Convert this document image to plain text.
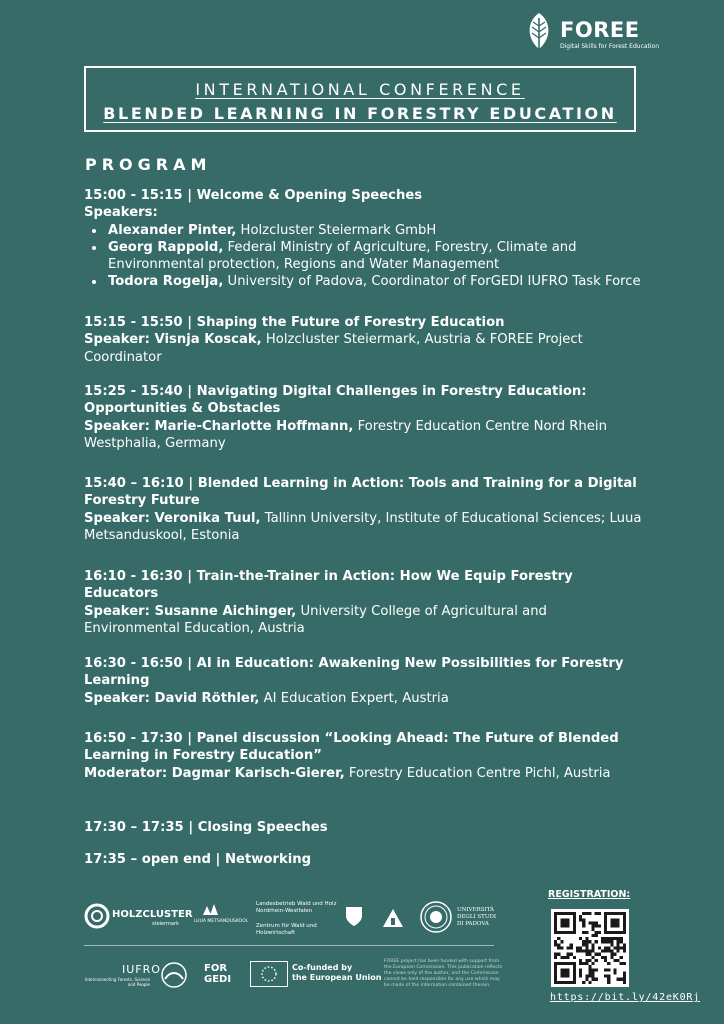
FOREE
Digital Skills for Forest Education
INTERNATIONAL CONFERENCE
BLENDED LEARNING IN FORESTRY EDUCATION
PROGRAM

15:00 - 15:15 | Welcome & Opening Speeches

Speakers:

• Alexander Pinter, Holzcluster Steiermark GmbH
• Georg Rappold, Federal Ministry of Agriculture, Forestry, Climate and Environmental protection, Regions and Water Management
• Todora Rogelja, University of Padova, Coordinator of ForGEDI IUFRO Task Force

15:15 - 15:50 | Shaping the Future of Forestry Education

Speaker: Visnja Koscak, Holzcluster Steiermark, Austria & FOREE Project Coordinator

15:25 - 15:40 | Navigating Digital Challenges in Forestry Education: Opportunities & Obstacles

Speaker: Marie-Charlotte Hoffmann, Forestry Education Centre Nord Rhein Westphalia, Germany

15:40 – 16:10 | Blended Learning in Action: Tools and Training for a Digital Forestry Future

Speaker: Veronika Tuul, Tallinn University, Institute of Educational Sciences; Luua Metsanduskool, Estonia

16:10 - 16:30 | Train-the-Trainer in Action: How We Equip Forestry Educators

Speaker: Susanne Aichinger, University College of Agricultural and Environmental Education, Austria

16:30 - 16:50 | AI in Education: Awakening New Possibilities for Forestry Learning

Speaker: David Röthler, AI Education Expert, Austria

16:50 - 17:30 | Panel discussion “Looking Ahead: The Future of Blended Learning in Forestry Education”

Moderator: Dagmar Karisch-Gierer, Forestry Education Centre Pichl, Austria

17:30 – 17:35 | Closing Speeches

17:35 – open end | Networking

HOLZCLUSTER
steiermark	LUUA METSANDUSKOOL
Landesbetrieb Wald und Holz
Nordrhein-Westfalen
Zentrum für Wald und Holzwirtschaft
UNIVERSITÀ
DEGLI STUDI
DI PADOVA
IUFRO
Interconnecting Forests, Science and People
FOR GEDI
Co-funded by
the European Union
FOREE project has been funded with support from the European Commission. This publication reflects the views only of the author, and the Commission cannot be held responsible for any use which may be made of the information contained therein.
REGISTRATION:
https://bit.ly/42eK0Rj
